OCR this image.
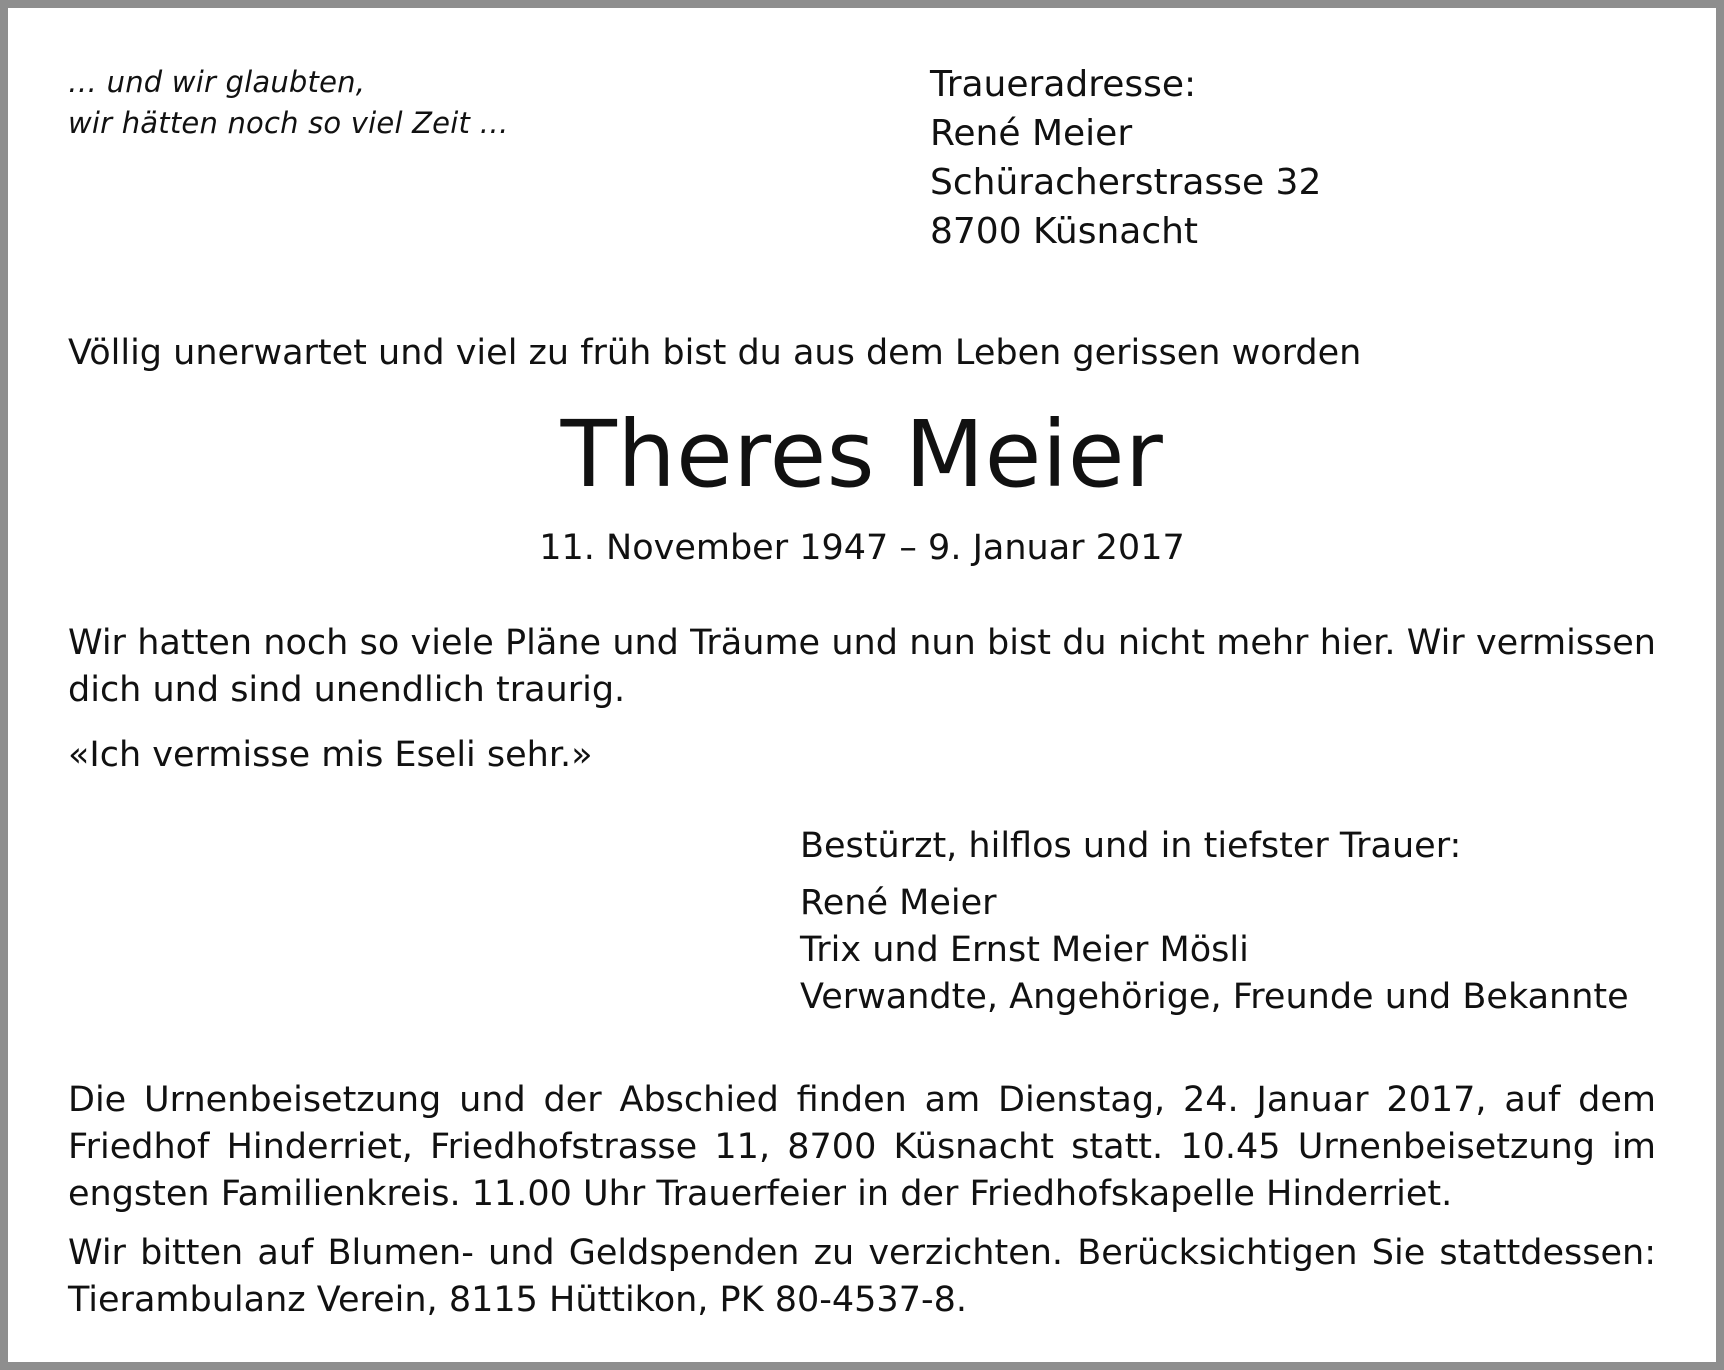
… und wir glaubten,
wir hätten noch so viel Zeit …
Traueradresse:
René Meier
Schüracherstrasse 32
8700 Küsnacht

Völlig unerwartet und viel zu früh bist du aus dem Leben gerissen worden

Theres Meier

11. November 1947 – 9. Januar 2017

Wir hatten noch so viele Pläne und Träume und nun bist du nicht mehr hier. Wir vermissen dich und sind unendlich traurig.

«Ich vermisse mis Eseli sehr.»

Bestürzt, hilflos und in tiefster Trauer:
René Meier
Trix und Ernst Meier Mösli
Verwandte, Angehörige, Freunde und Bekannte

Die Urnenbeisetzung und der Abschied finden am Dienstag, 24. Januar 2017, auf dem Friedhof Hinderriet, Friedhofstrasse 11, 8700 Küsnacht statt. 10.45 Urnenbeisetzung im engsten Familienkreis. 11.00 Uhr Trauerfeier in der Friedhofskapelle Hinderriet.

Wir bitten auf Blumen- und Geldspenden zu verzichten. Berücksichtigen Sie stattdessen: Tierambulanz Verein, 8115 Hüttikon, PK 80-4537-8.
